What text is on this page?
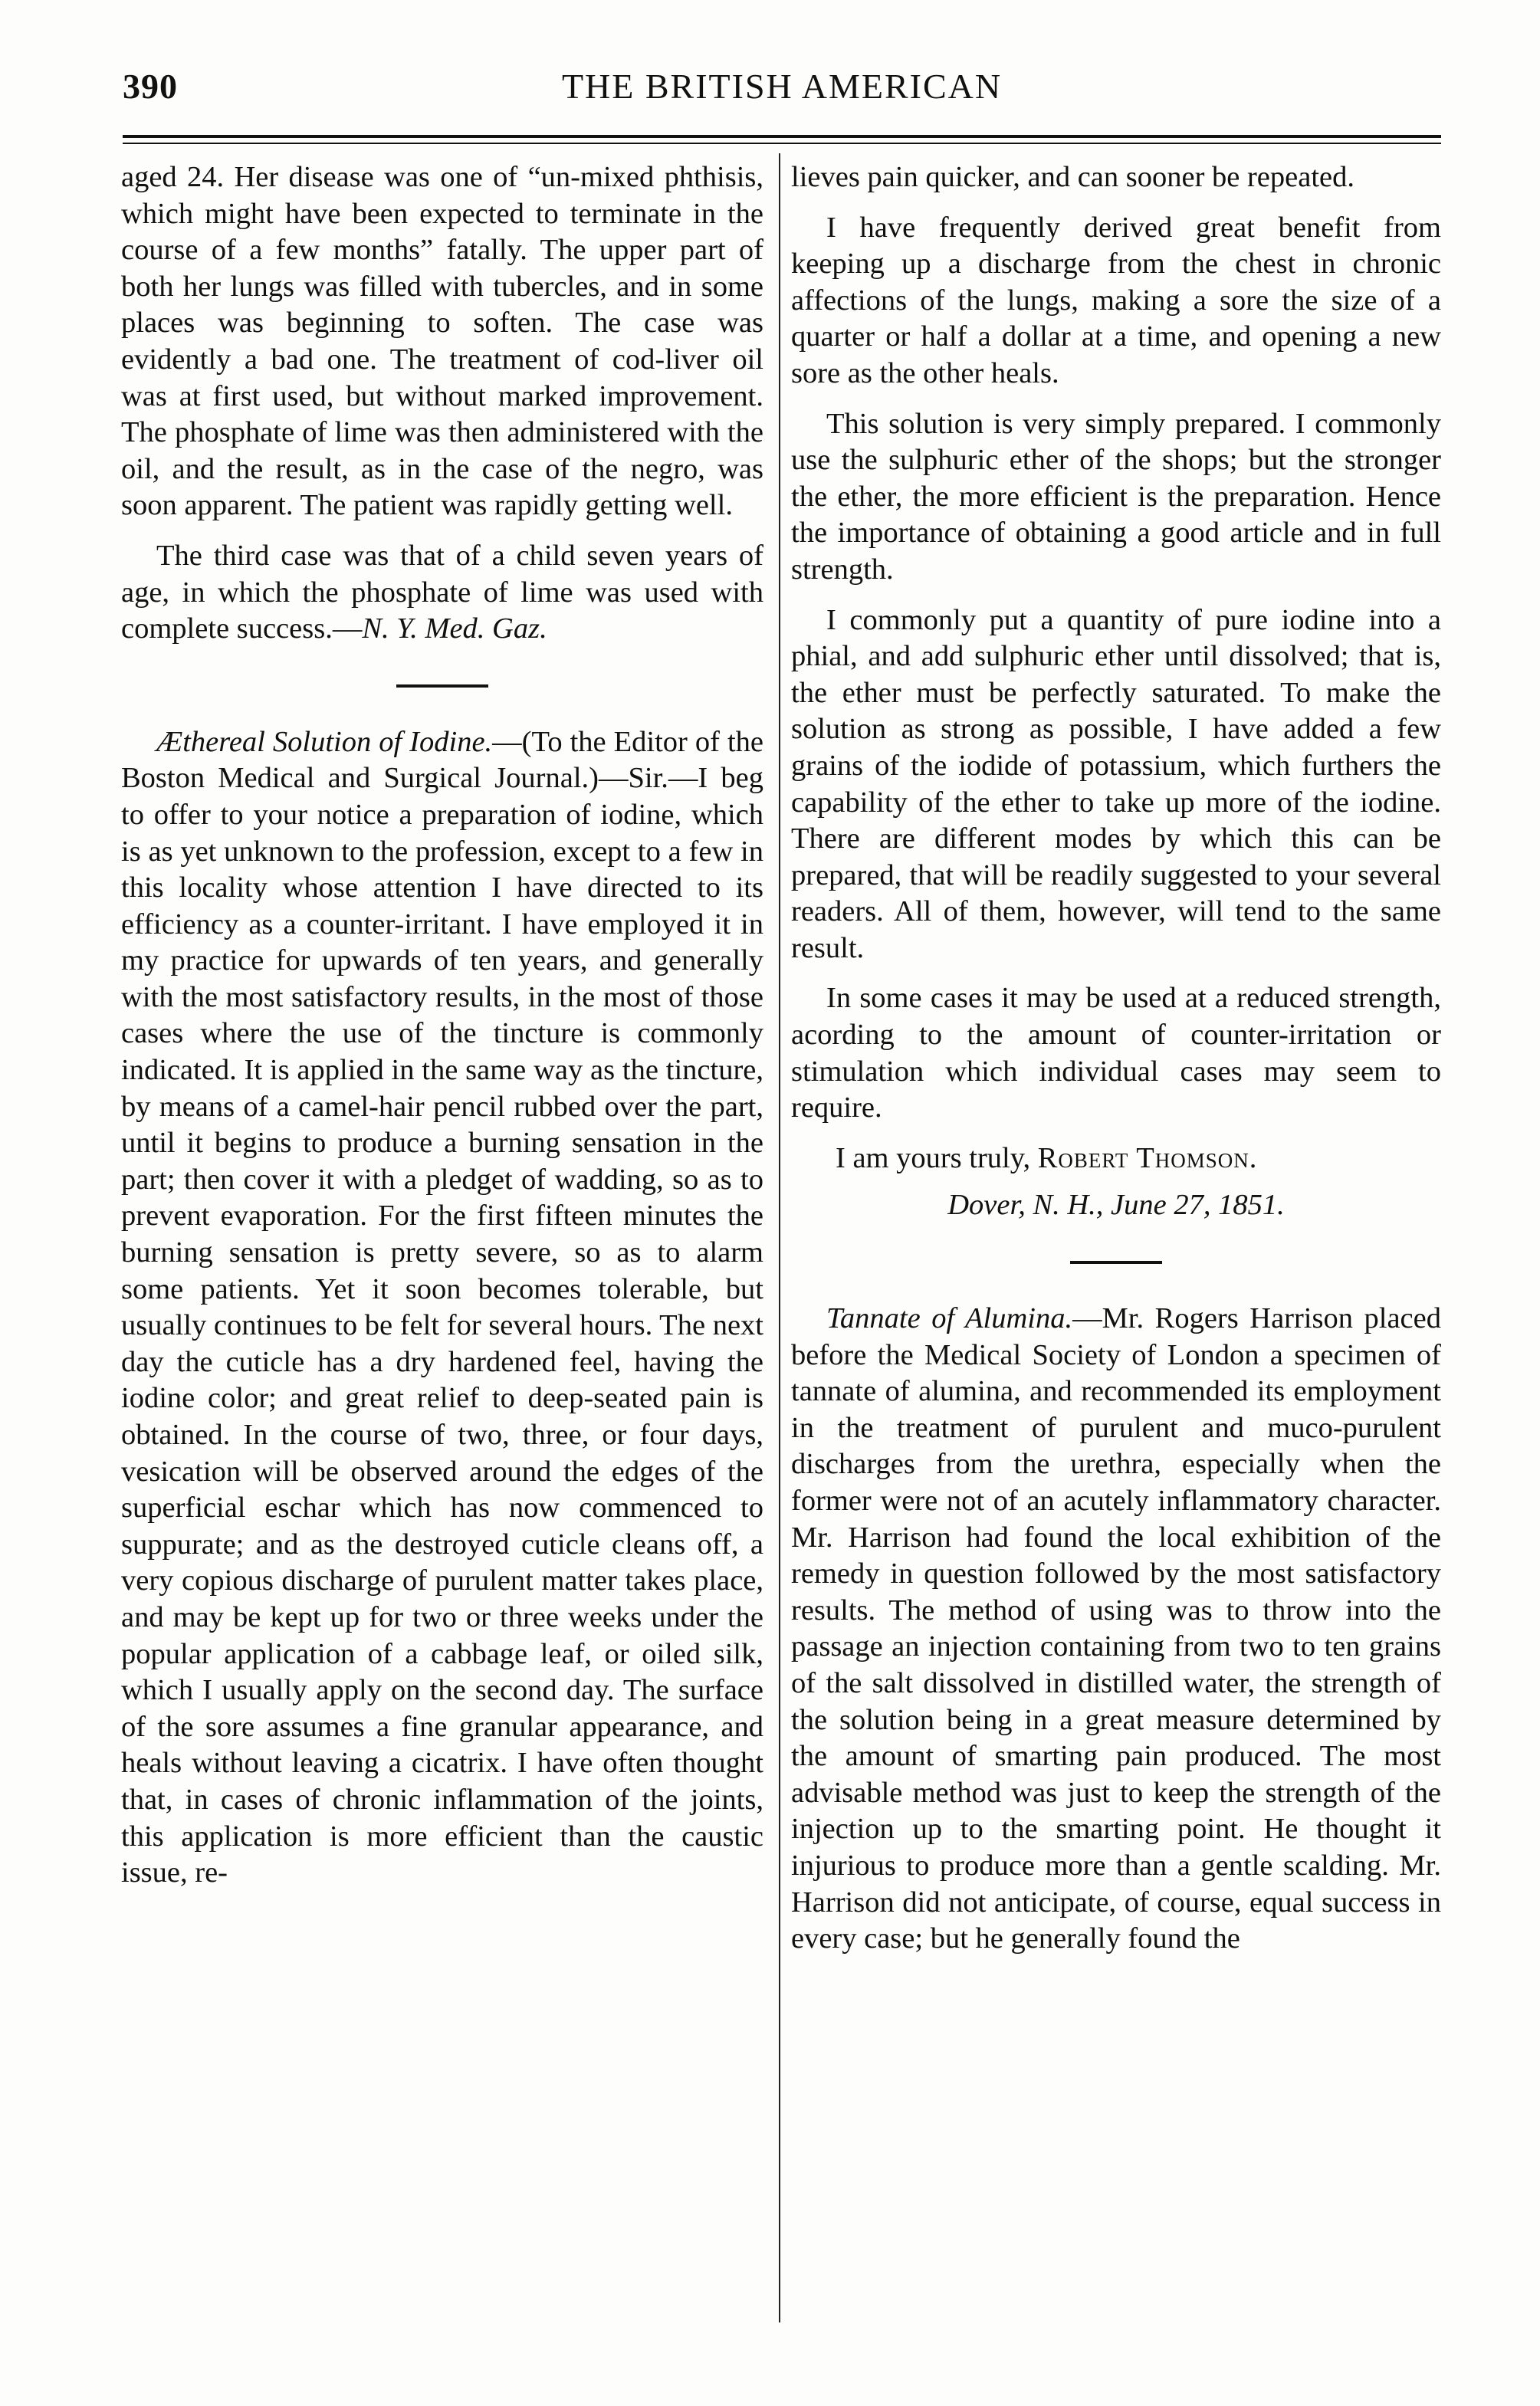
390	THE BRITISH AMERICAN

aged 24. Her disease was one of “un-mixed phthisis, which might have been expected to terminate in the course of a few months” fatally. The upper part of both her lungs was filled with tubercles, and in some places was beginning to soften. The case was evidently a bad one. The treatment of cod-liver oil was at first used, but without marked improvement. The phosphate of lime was then administered with the oil, and the result, as in the case of the negro, was soon apparent. The patient was rapidly getting well.

The third case was that of a child seven years of age, in which the phosphate of lime was used with complete success.—N. Y. Med. Gaz.

Æthereal Solution of Iodine.—(To the Editor of the Boston Medical and Surgical Journal.)—Sir.—I beg to offer to your notice a preparation of iodine, which is as yet unknown to the profession, except to a few in this locality whose attention I have directed to its efficiency as a counter-irritant. I have employed it in my practice for upwards of ten years, and generally with the most satisfactory results, in the most of those cases where the use of the tincture is commonly indicated. It is applied in the same way as the tincture, by means of a camel-hair pencil rubbed over the part, until it begins to produce a burning sensation in the part; then cover it with a pledget of wadding, so as to prevent evaporation. For the first fifteen minutes the burning sensation is pretty severe, so as to alarm some patients. Yet it soon becomes tolerable, but usually continues to be felt for several hours. The next day the cuticle has a dry hardened feel, having the iodine color; and great relief to deep-seated pain is obtained. In the course of two, three, or four days, vesication will be observed around the edges of the superficial eschar which has now commenced to suppurate; and as the destroyed cuticle cleans off, a very copious discharge of purulent matter takes place, and may be kept up for two or three weeks under the popular application of a cabbage leaf, or oiled silk, which I usually apply on the second day. The surface of the sore assumes a fine granular appearance, and heals without leaving a cicatrix. I have often thought that, in cases of chronic inflammation of the joints, this application is more efficient than the caustic issue, re-

lieves pain quicker, and can sooner be repeated.

I have frequently derived great benefit from keeping up a discharge from the chest in chronic affections of the lungs, making a sore the size of a quarter or half a dollar at a time, and opening a new sore as the other heals.

This solution is very simply prepared. I commonly use the sulphuric ether of the shops; but the stronger the ether, the more efficient is the preparation. Hence the importance of obtaining a good article and in full strength.

I commonly put a quantity of pure iodine into a phial, and add sulphuric ether until dissolved; that is, the ether must be perfectly saturated. To make the solution as strong as possible, I have added a few grains of the iodide of potassium, which furthers the capability of the ether to take up more of the iodine. There are different modes by which this can be prepared, that will be readily suggested to your several readers. All of them, however, will tend to the same result.

In some cases it may be used at a reduced strength, acording to the amount of counter-irritation or stimulation which individual cases may seem to require.

I am yours truly, Robert Thomson.

Dover, N. H., June 27, 1851.

Tannate of Alumina.—Mr. Rogers Harrison placed before the Medical Society of London a specimen of tannate of alumina, and recommended its employment in the treatment of purulent and muco-purulent discharges from the urethra, especially when the former were not of an acutely inflammatory character. Mr. Harrison had found the local exhibition of the remedy in question followed by the most satisfactory results. The method of using was to throw into the passage an injection containing from two to ten grains of the salt dissolved in distilled water, the strength of the solution being in a great measure determined by the amount of smarting pain produced. The most advisable method was just to keep the strength of the injection up to the smarting point. He thought it injurious to produce more than a gentle scalding. Mr. Harrison did not anticipate, of course, equal success in every case; but he generally found the
